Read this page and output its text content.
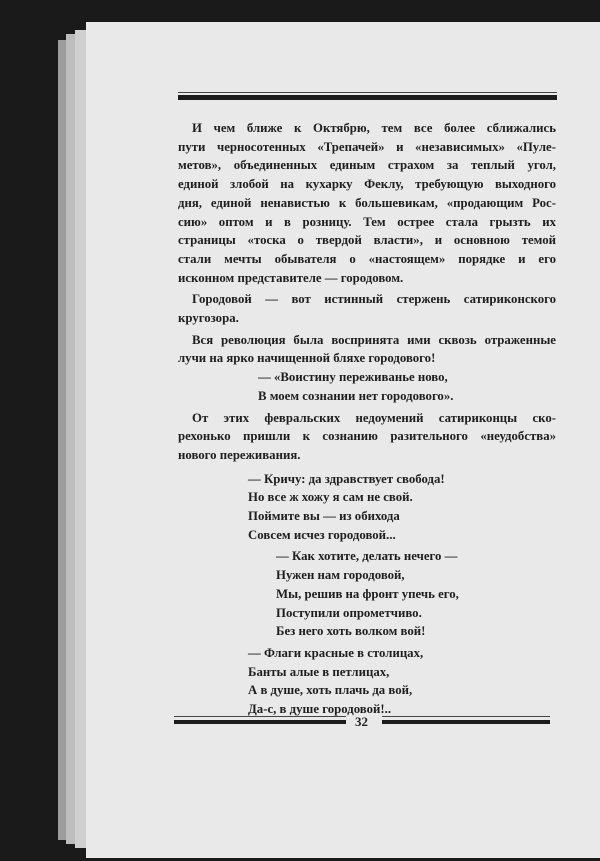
И чем ближе к Октябрю, тем все более сближались
пути черносотенных «Трепачей» и «независимых» «Пуле-
метов», объединенных единым страхом за теплый угол,
единой злобой на кухарку Феклу, требующую выходного
дня, единой ненавистью к большевикам, «продающим Рос-
сию» оптом и в розницу. Тем острее стала грызть их
страницы «тоска о твердой власти», и основною темой
стали мечты обывателя о «настоящем» порядке и его
исконном представителе — городовом.
Городовой — вот истинный стержень сатириконского
кругозора.
Вся революция была воспринята ими сквозь отраженные
лучи на ярко начищенной бляхе городового!
— «Воистину переживанье ново,
В моем сознании нет городового».
От этих февральских недоумений сатириконцы ско-
рехонько пришли к сознанию разительного «неудобства»
нового переживания.
— Кричу: да здравствует свобода!
Но все ж хожу я сам не свой.
Поймите вы — из обихода
Совсем исчез городовой...
— Как хотите, делать нечего —
Нужен нам городовой,
Мы, решив на фронт упечь его,
Поступили опрометчиво.
Без него хоть волком вой!
— Флаги красные в столицах,
Банты алые в петлицах,
А в душе, хоть плачь да вой,
Да-с, в душе городовой!..
32
